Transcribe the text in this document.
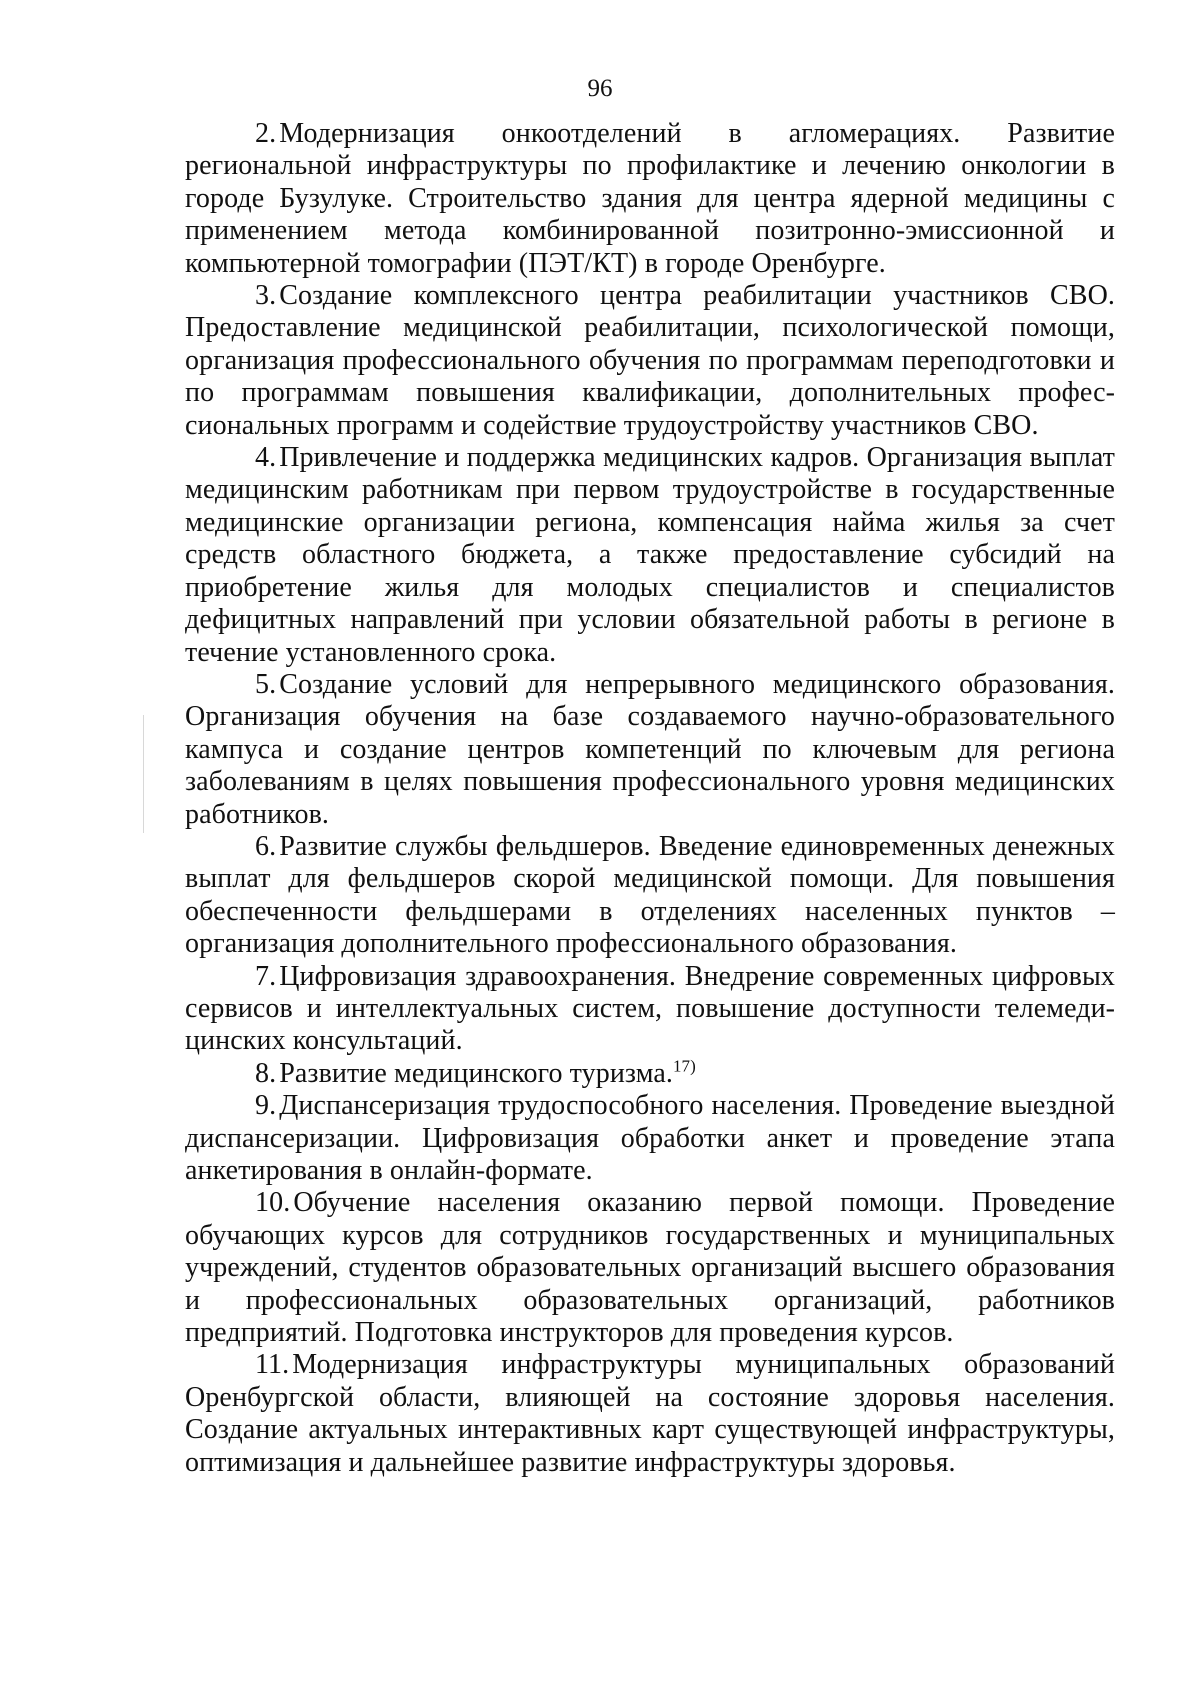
96

2. Модернизация онкоотделений в агломерациях. Развитие региональной инфраструктуры по профилактике и лечению онкологии в городе Бузулуке. Строительство здания для центра ядерной медицины с применением метода комбинированной позитронно-эмиссионной и компьютерной томографии (ПЭТ/КТ) в городе Оренбурге.

3. Создание комплексного центра реабилитации участников СВО. Предоставление медицинской реабилитации, психологической помощи, организация профессионального обучения по программам переподготовки и по программам повышения квалификации, дополнительных профессиональных программ и содействие трудоустройству участников СВО.

4. Привлечение и поддержка медицинских кадров. Организация выплат медицинским работникам при первом трудоустройстве в государственные медицинские организации региона, компенсация найма жилья за счет средств областного бюджета, а также предоставление субсидий на приобретение жилья для молодых специалистов и специалистов дефицитных направлений при условии обязательной работы в регионе в течение установленного срока.

5. Создание условий для непрерывного медицинского образования. Организация обучения на базе создаваемого научно-образовательного кампуса и создание центров компетенций по ключевым для региона заболеваниям в целях повышения профессионального уровня медицинских работников.

6. Развитие службы фельдшеров. Введение единовременных денежных выплат для фельдшеров скорой медицинской помощи. Для повышения обеспеченности фельдшерами в отделениях населенных пунктов – организация дополнительного профессионального образования.

7. Цифровизация здравоохранения. Внедрение современных цифровых сервисов и интеллектуальных систем, повышение доступности телемедицинских консультаций.

8. Развитие медицинского туризма.$^{17)}$

9. Диспансеризация трудоспособного населения. Проведение выездной диспансеризации. Цифровизация обработки анкет и проведение этапа анкетирования в онлайн-формате.

10. Обучение населения оказанию первой помощи. Проведение обучающих курсов для сотрудников государственных и муниципальных учреждений, студентов образовательных организаций высшего образования и профессиональных образовательных организаций, работников предприятий. Подготовка инструкторов для проведения курсов.

11. Модернизация инфраструктуры муниципальных образований Оренбургской области, влияющей на состояние здоровья населения. Создание актуальных интерактивных карт существующей инфраструктуры, оптимизация и дальнейшее развитие инфраструктуры здоровья.
